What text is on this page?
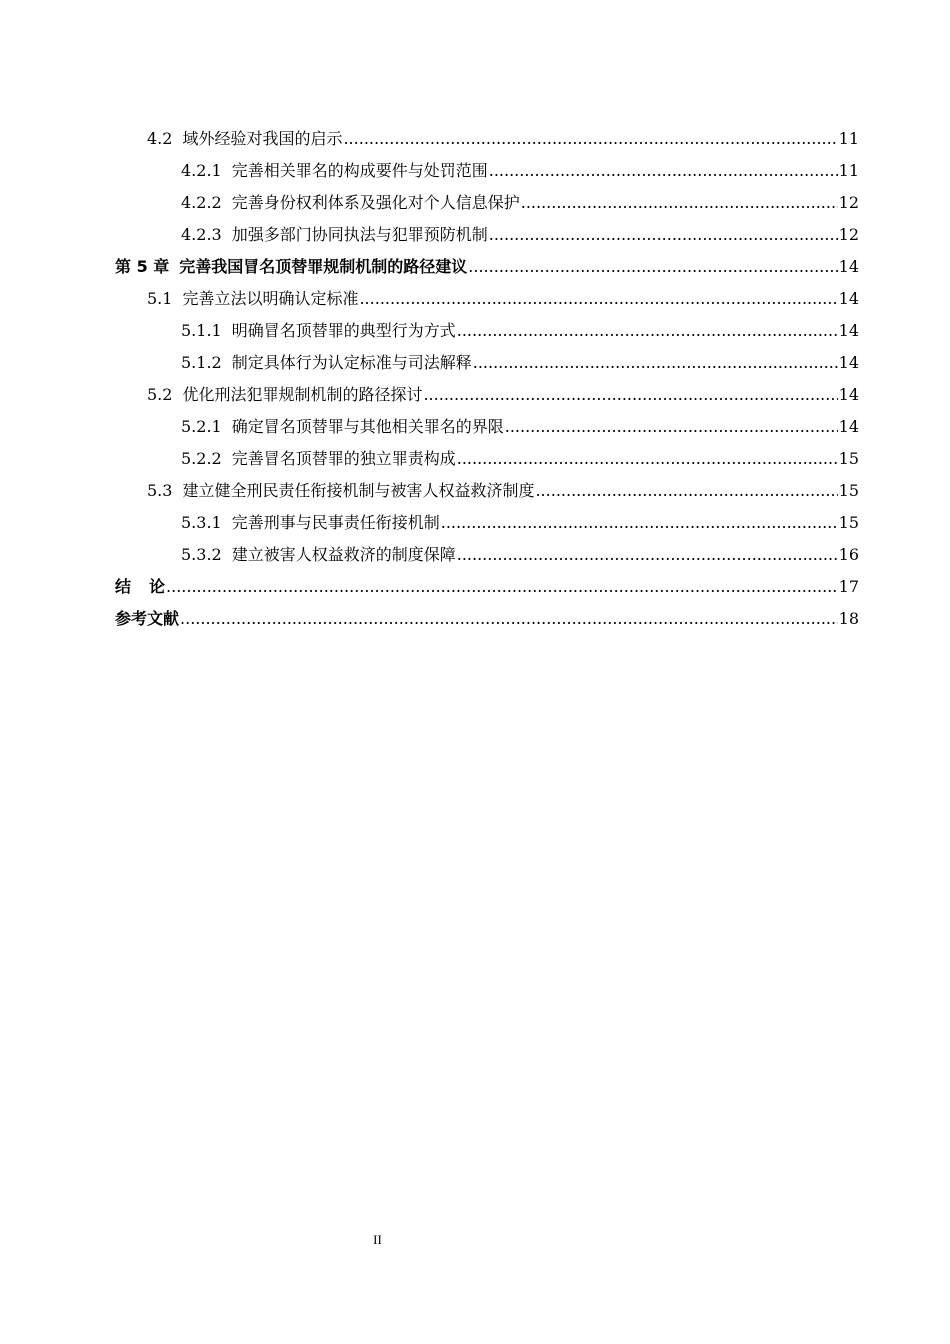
4.2 域外经验对我国的启示 .....	11
4.2.1 完善相关罪名的构成要件与处罚范围 .....	11
4.2.2 完善身份权利体系及强化对个人信息保护 .....	12
4.2.3 加强多部门协同执法与犯罪预防机制 .....	12
第 5 章 完善我国冒名顶替罪规制机制的路径建议 .....	14
5.1 完善立法以明确认定标准 .....	14
5.1.1 明确冒名顶替罪的典型行为方式 .....	14
5.1.2 制定具体行为认定标准与司法解释 .....	14
5.2 优化刑法犯罪规制机制的路径探讨 .....	14
5.2.1 确定冒名顶替罪与其他相关罪名的界限 .....	14
5.2.2 完善冒名顶替罪的独立罪责构成 .....	15
5.3 建立健全刑民责任衔接机制与被害人权益救济制度 .....	15
5.3.1 完善刑事与民事责任衔接机制 .....	15
5.3.2 建立被害人权益救济的制度保障 .....	16
结 论 .....	17
参考文献 .....	18
II
